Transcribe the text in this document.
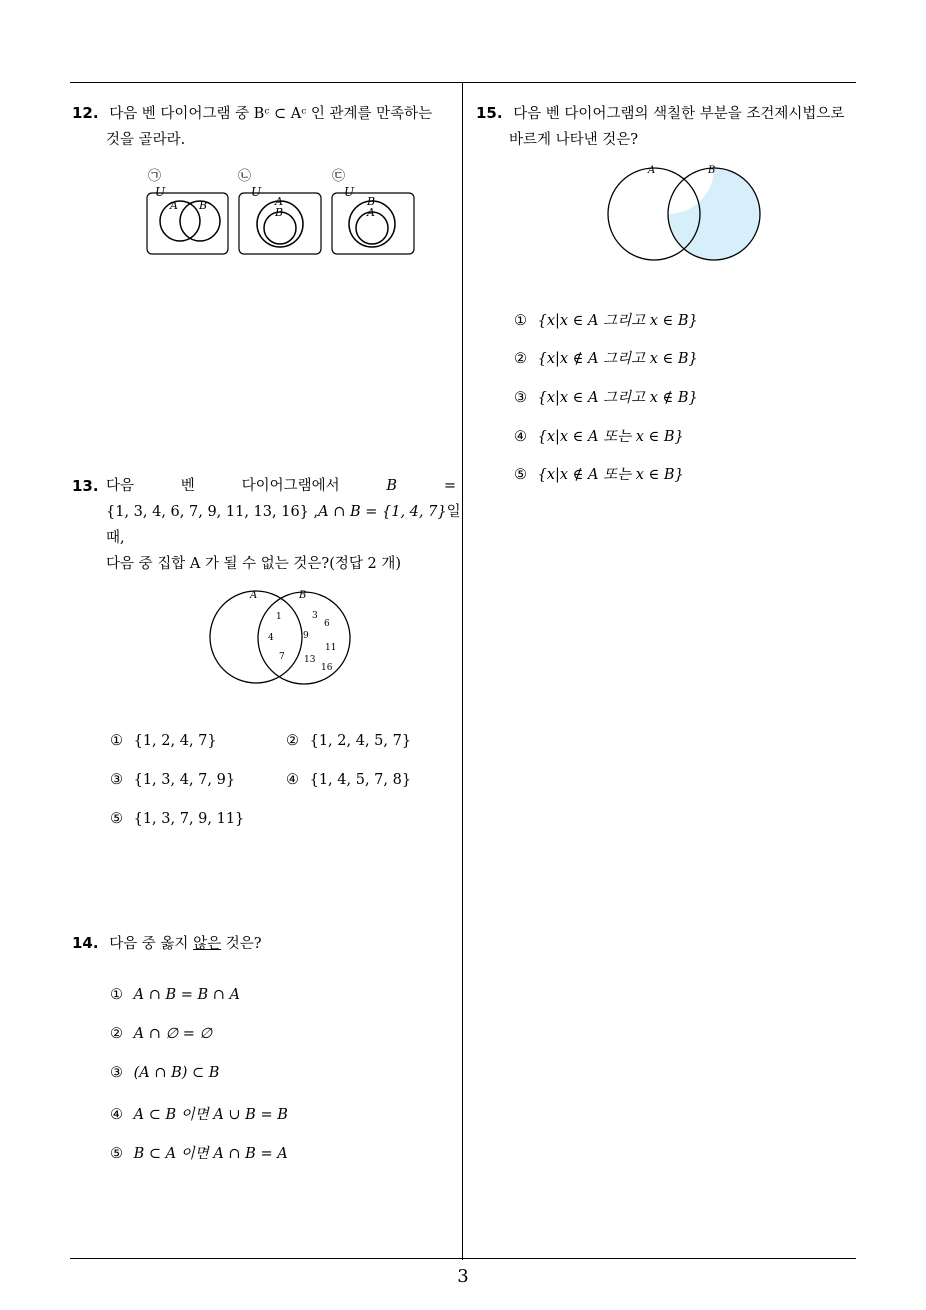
12. 다음 벤 다이어그램 중 Bᶜ ⊂ Aᶜ 인 관계를 만족하는
것을 골라라.
㉠
U
A B
㉡
U
A
B
㉢
U
B
A
13. 다음	벤	다이어그램에서	B	=
{1, 3, 4, 6, 7, 9, 11, 13, 16} , A ∩ B = {1, 4, 7} 일
때,
다음 중 집합 A 가 될 수 없는 것은?(정답 2 개)
A	B
1
4
7
3
6
9
11
13
16
① {1, 2, 4, 7}	② {1, 2, 4, 5, 7}
③ {1, 3, 4, 7, 9}	④ {1, 4, 5, 7, 8}
⑤ {1, 3, 7, 9, 11}
14. 다음 중 옳지 않은 것은?
① A ∩ B = B ∩ A
② A ∩ ∅ = ∅
③ (A ∩ B) ⊂ B
④ A ⊂ B 이면 A ∪ B = B
⑤ B ⊂ A 이면 A ∩ B = A
15. 다음 벤 다이어그램의 색칠한 부분을 조건제시법으로
바르게 나타낸 것은?
A	B
① {x|x ∈ A 그리고 x ∈ B}
② {x|x ∉ A 그리고 x ∈ B}
③ {x|x ∈ A 그리고 x ∉ B}
④ {x|x ∈ A 또는 x ∈ B}
⑤ {x|x ∉ A 또는 x ∈ B}
3
